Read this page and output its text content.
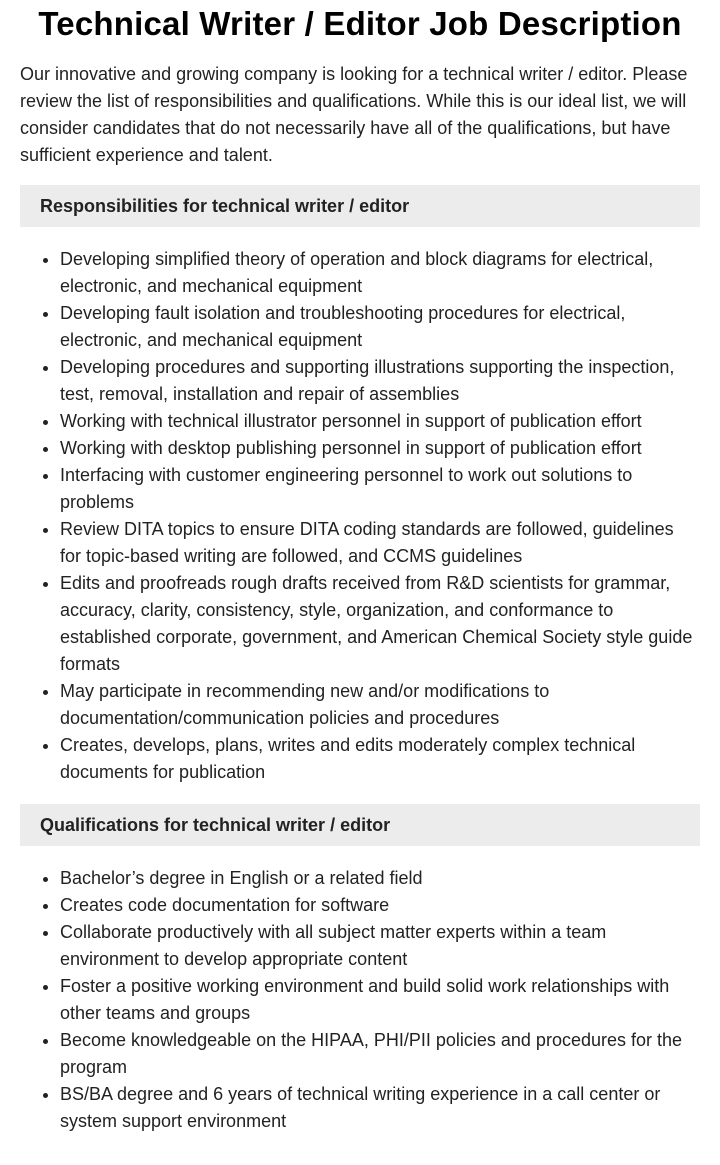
Technical Writer / Editor Job Description

Our innovative and growing company is looking for a technical writer / editor. Please review the list of responsibilities and qualifications. While this is our ideal list, we will consider candidates that do not necessarily have all of the qualifications, but have sufficient experience and talent.

Responsibilities for technical writer / editor
• Developing simplified theory of operation and block diagrams for electrical, electronic, and mechanical equipment
• Developing fault isolation and troubleshooting procedures for electrical, electronic, and mechanical equipment
• Developing procedures and supporting illustrations supporting the inspection, test, removal, installation and repair of assemblies
• Working with technical illustrator personnel in support of publication effort
• Working with desktop publishing personnel in support of publication effort
• Interfacing with customer engineering personnel to work out solutions to problems
• Review DITA topics to ensure DITA coding standards are followed, guidelines for topic-based writing are followed, and CCMS guidelines
• Edits and proofreads rough drafts received from R&D scientists for grammar, accuracy, clarity, consistency, style, organization, and conformance to established corporate, government, and American Chemical Society style guide formats
• May participate in recommending new and/or modifications to documentation/communication policies and procedures
• Creates, develops, plans, writes and edits moderately complex technical documents for publication
Qualifications for technical writer / editor
• Bachelor’s degree in English or a related field
• Creates code documentation for software
• Collaborate productively with all subject matter experts within a team environment to develop appropriate content
• Foster a positive working environment and build solid work relationships with other teams and groups
• Become knowledgeable on the HIPAA, PHI/PII policies and procedures for the program
• BS/BA degree and 6 years of technical writing experience in a call center or system support environment
